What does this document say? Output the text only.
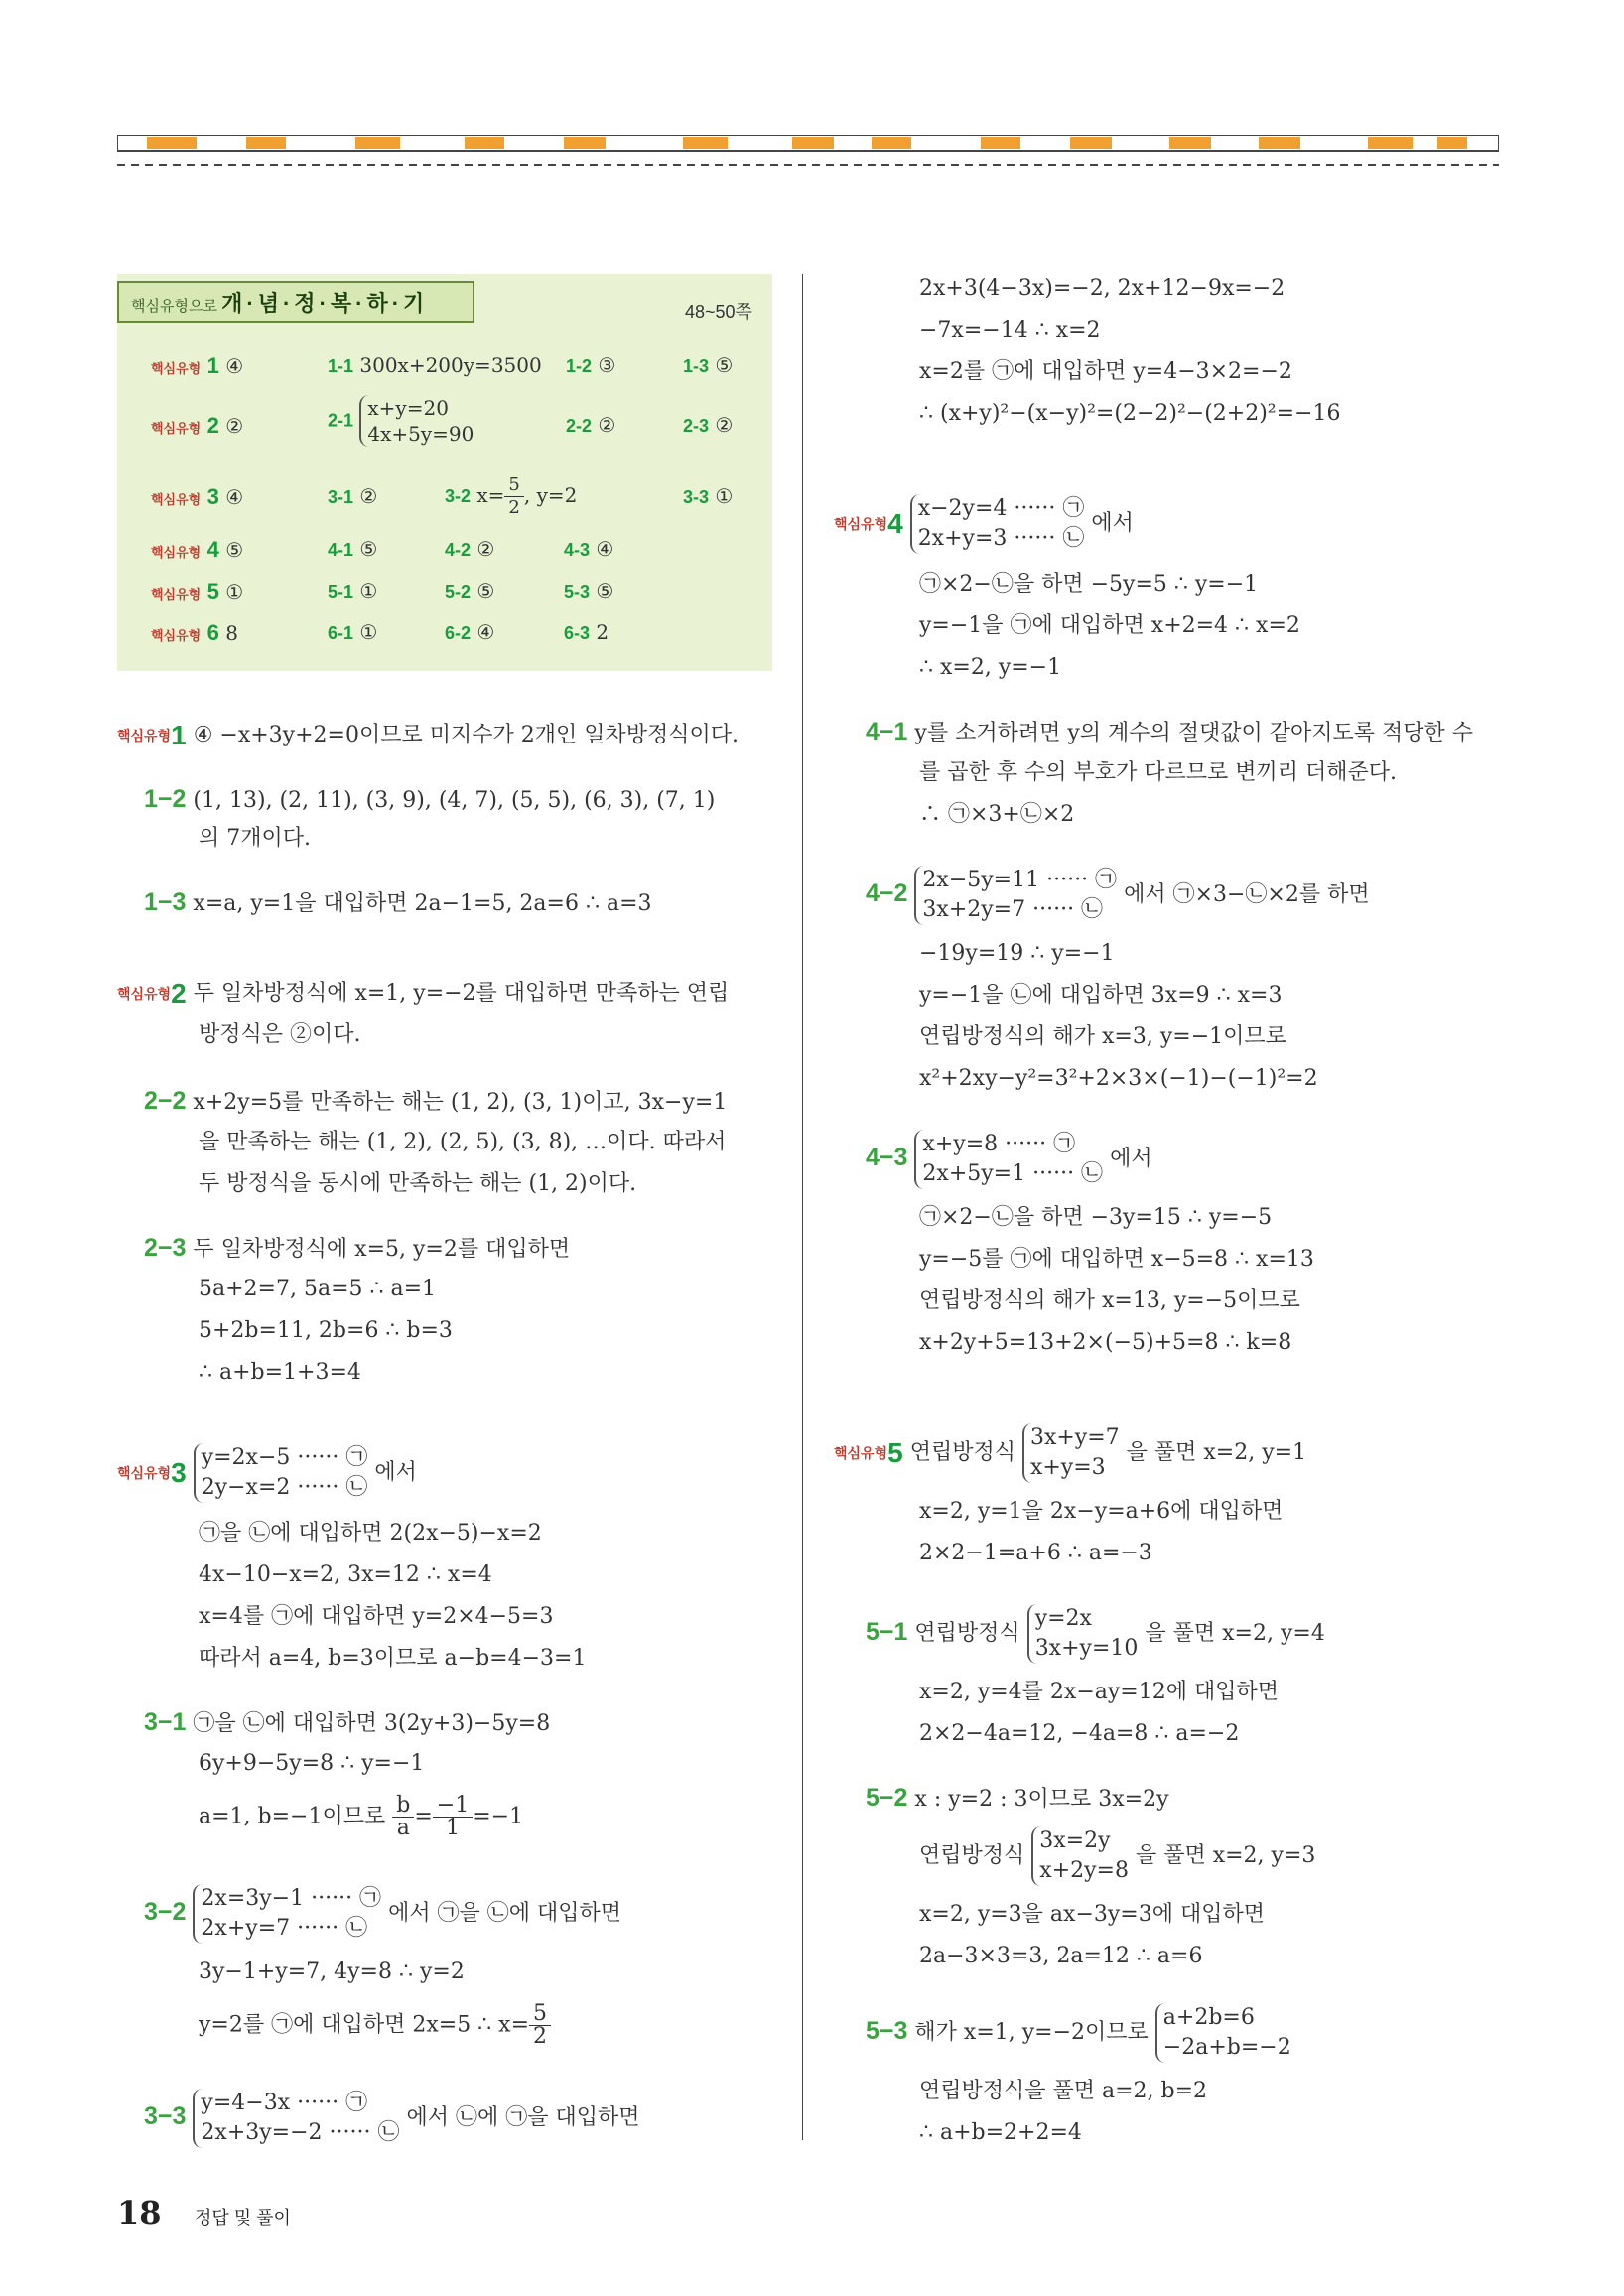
핵심유형으로 개·념·정·복·하·기	48~50쪽
핵심유형 1 ④	1-1 300x+200y=3500 1-2 ③	1-3 ⑤
핵심유형 2 ②	2-1
x+y=20
4x+5y=90	2-2 ②	2-3 ②
핵심유형 3 ④	3-1 ②	3-2 $x= \frac{5}{2}$ , y=2	3-3 ①
핵심유형 4 ⑤	4-1 ⑤	4-2 ②	4-3 ④
핵심유형 5 ①	5-1 ①	5-2 ⑤	5-3 ⑤
핵심유형 6 8	6-1 ①	6-2 ④	6-3 2
핵심유형1 ④ −x+3y+2=0이므로 미지수가 2개인 일차방정식이다.
1−2 (1, 13), (2, 11), (3, 9), (4, 7), (5, 5), (6, 3), (7, 1)
의 7개이다.
1−3 x=a, y=1을 대입하면 2a−1=5, 2a=6 ∴ a=3
핵심유형2 두 일차방정식에 x=1, y=−2를 대입하면 만족하는 연립
방정식은 ②이다.
2−2 x+2y=5를 만족하는 해는 (1, 2), (3, 1)이고, 3x−y=1
을 만족하는 해는 (1, 2), (2, 5), (3, 8), …이다. 따라서
두 방정식을 동시에 만족하는 해는 (1, 2)이다.
2−3 두 일차방정식에 x=5, y=2를 대입하면
5a+2=7, 5a=5 ∴ a=1
5+2b=11, 2b=6 ∴ b=3
∴ a+b=1+3=4
핵심유형3 y=2x−5 ······ ㉠
2y−x=2 ······ ㉡
에서
㉠을 ㉡에 대입하면 2(2x−5)−x=2
4x−10−x=2, 3x=12 ∴ x=4
x=4를 ㉠에 대입하면 y=2×4−5=3
따라서 a=4, b=3이므로 a−b=4−3=1
3−1 ㉠을 ㉡에 대입하면 3(2y+3)−5y=8
6y+9−5y=8 ∴ y=−1
a=1, b=−1이므로 $\frac{b}{a} = \frac{-1}{1} =-1$
3−2 2x=3y−1 ······ ㉠
2x+y=7 ······ ㉡
에서 ㉠을 ㉡에 대입하면
3y−1+y=7, 4y=8 ∴ y=2
y=2를 ㉠에 대입하면 2x=5 ∴ $x= \frac{5}{2}$
3−3 y=4−3x ······ ㉠
2x+3y=−2 ······ ㉡
에서 ㉡에 ㉠을 대입하면
2x+3(4−3x)=−2, 2x+12−9x=−2
−7x=−14 ∴ x=2
x=2를 ㉠에 대입하면 y=4−3×2=−2
∴ (x+y)²−(x−y)²=(2−2)²−(2+2)²=−16
핵심유형4 x−2y=4 ······ ㉠
2x+y=3 ······ ㉡
에서
㉠×2−㉡을 하면 −5y=5 ∴ y=−1
y=−1을 ㉠에 대입하면 x+2=4 ∴ x=2
∴ x=2, y=−1
4−1 y를 소거하려면 y의 계수의 절댓값이 같아지도록 적당한 수
를 곱한 후 수의 부호가 다르므로 변끼리 더해준다.
∴ ㉠×3+㉡×2
4−2 2x−5y=11 ······ ㉠
3x+2y=7 ······ ㉡
에서 ㉠×3−㉡×2를 하면
−19y=19 ∴ y=−1
y=−1을 ㉡에 대입하면 3x=9 ∴ x=3
연립방정식의 해가 x=3, y=−1이므로
x²+2xy−y²=3²+2×3×(−1)−(−1)²=2
4−3 x+y=8 ······ ㉠
2x+5y=1 ······ ㉡
에서
㉠×2−㉡을 하면 −3y=15 ∴ y=−5
y=−5를 ㉠에 대입하면 x−5=8 ∴ x=13
연립방정식의 해가 x=13, y=−5이므로
x+2y+5=13+2×(−5)+5=8 ∴ k=8
핵심유형5 연립방정식
3x+y=7
x+y=3
을 풀면 x=2, y=1
x=2, y=1을 2x−y=a+6에 대입하면
2×2−1=a+6 ∴ a=−3
5−1 연립방정식
y=2x
3x+y=10
을 풀면 x=2, y=4
x=2, y=4를 2x−ay=12에 대입하면
2×2−4a=12, −4a=8 ∴ a=−2
5−2 x : y=2 : 3이므로 3x=2y
연립방정식
3x=2y
x+2y=8
을 풀면 x=2, y=3
x=2, y=3을 ax−3y=3에 대입하면
2a−3×3=3, 2a=12 ∴ a=6
5−3 해가 x=1, y=−2이므로
a+2b=6
−2a+b=−2
연립방정식을 풀면 a=2, b=2
∴ a+b=2+2=4
18 정답 및 풀이
